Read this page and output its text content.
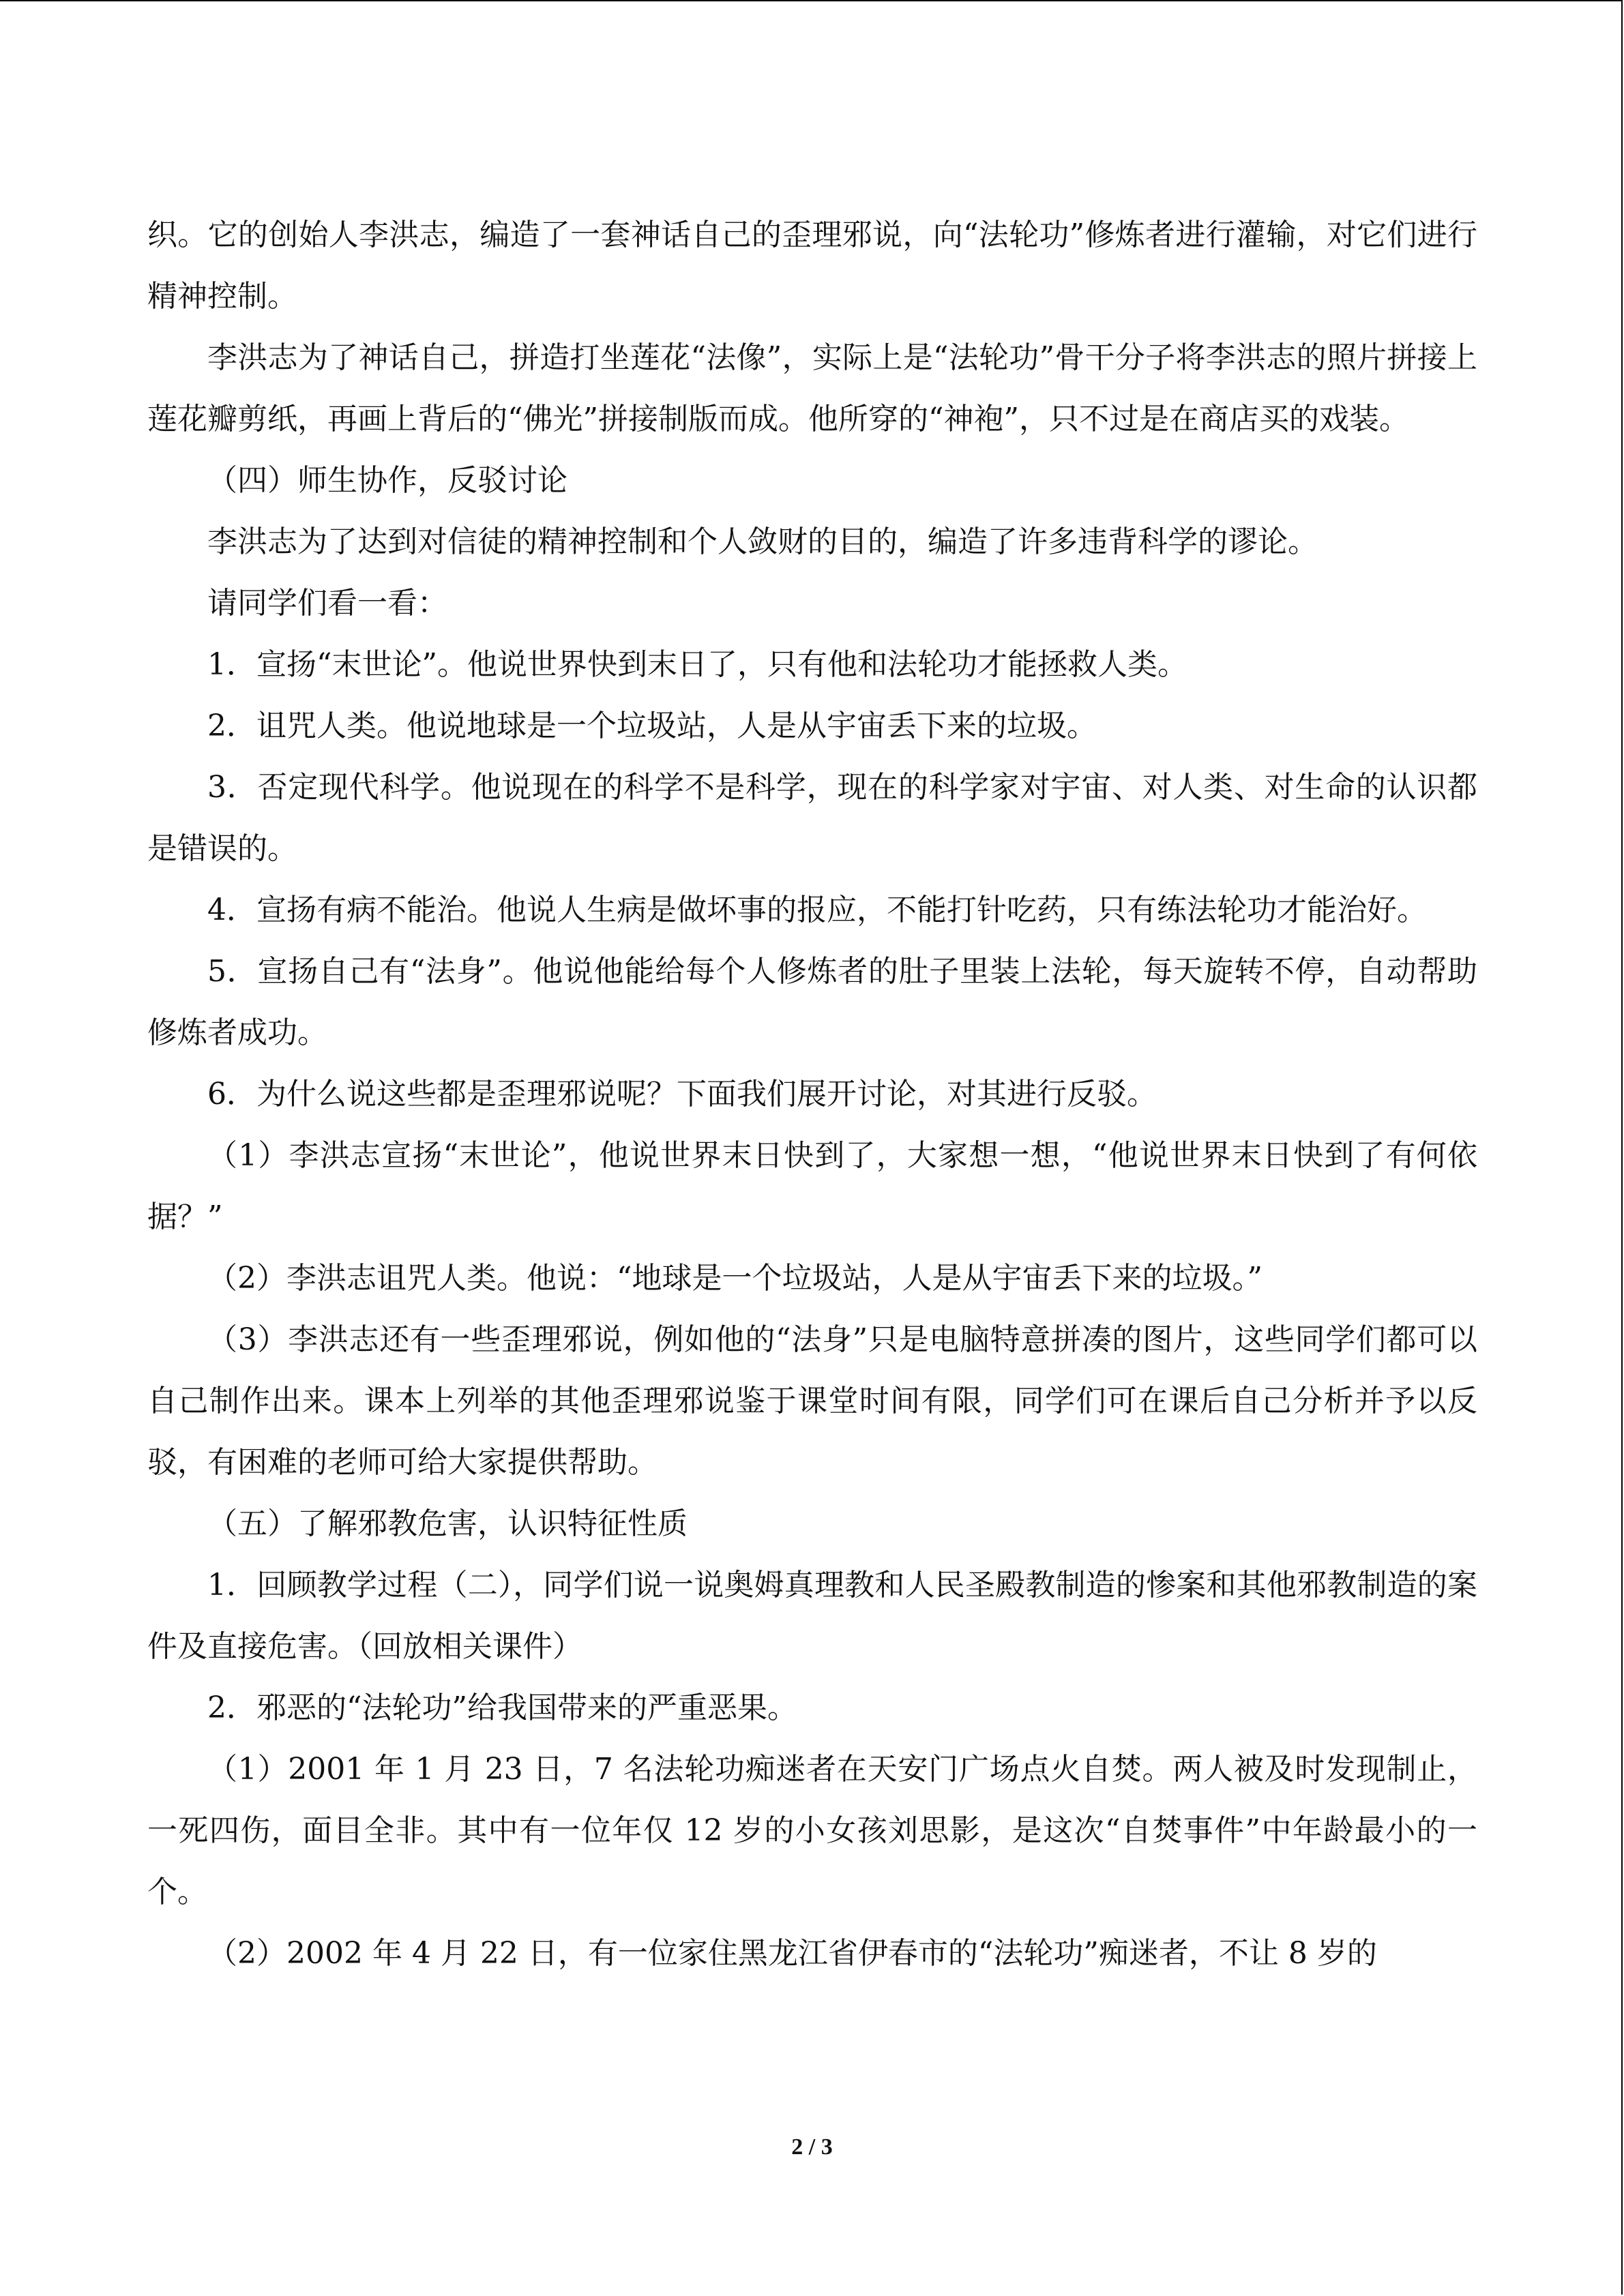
织。它的创始人李洪志，编造了一套神话自己的歪理邪说，向“法轮功”修炼者进行灌输，对它们进行精神控制。

李洪志为了神话自己，拼造打坐莲花“法像”，实际上是“法轮功”骨干分子将李洪志的照片拼接上莲花瓣剪纸，再画上背后的“佛光”拼接制版而成。他所穿的“神袍”，只不过是在商店买的戏装。

（四）师生协作，反驳讨论

李洪志为了达到对信徒的精神控制和个人敛财的目的，编造了许多违背科学的谬论。

请同学们看一看：

1．宣扬“末世论”。他说世界快到末日了，只有他和法轮功才能拯救人类。

2．诅咒人类。他说地球是一个垃圾站，人是从宇宙丢下来的垃圾。

3．否定现代科学。他说现在的科学不是科学，现在的科学家对宇宙、对人类、对生命的认识都是错误的。

4．宣扬有病不能治。他说人生病是做坏事的报应，不能打针吃药，只有练法轮功才能治好。

5．宣扬自己有“法身”。他说他能给每个人修炼者的肚子里装上法轮，每天旋转不停，自动帮助修炼者成功。

6．为什么说这些都是歪理邪说呢？下面我们展开讨论，对其进行反驳。

（1）李洪志宣扬“末世论”，他说世界末日快到了，大家想一想，“他说世界末日快到了有何依据？”

（2）李洪志诅咒人类。他说：“地球是一个垃圾站，人是从宇宙丢下来的垃圾。”

（3）李洪志还有一些歪理邪说，例如他的“法身”只是电脑特意拼凑的图片，这些同学们都可以自己制作出来。课本上列举的其他歪理邪说鉴于课堂时间有限，同学们可在课后自己分析并予以反驳，有困难的老师可给大家提供帮助。

（五）了解邪教危害，认识特征性质

1．回顾教学过程（二），同学们说一说奥姆真理教和人民圣殿教制造的惨案和其他邪教制造的案件及直接危害。（回放相关课件）

2．邪恶的“法轮功”给我国带来的严重恶果。

（1）2001 年 1 月 23 日，7 名法轮功痴迷者在天安门广场点火自焚。两人被及时发现制止，一死四伤，面目全非。其中有一位年仅 12 岁的小女孩刘思影，是这次“自焚事件”中年龄最小的一个。

（2）2002 年 4 月 22 日，有一位家住黑龙江省伊春市的“法轮功”痴迷者，不让 8 岁的

2 / 3
